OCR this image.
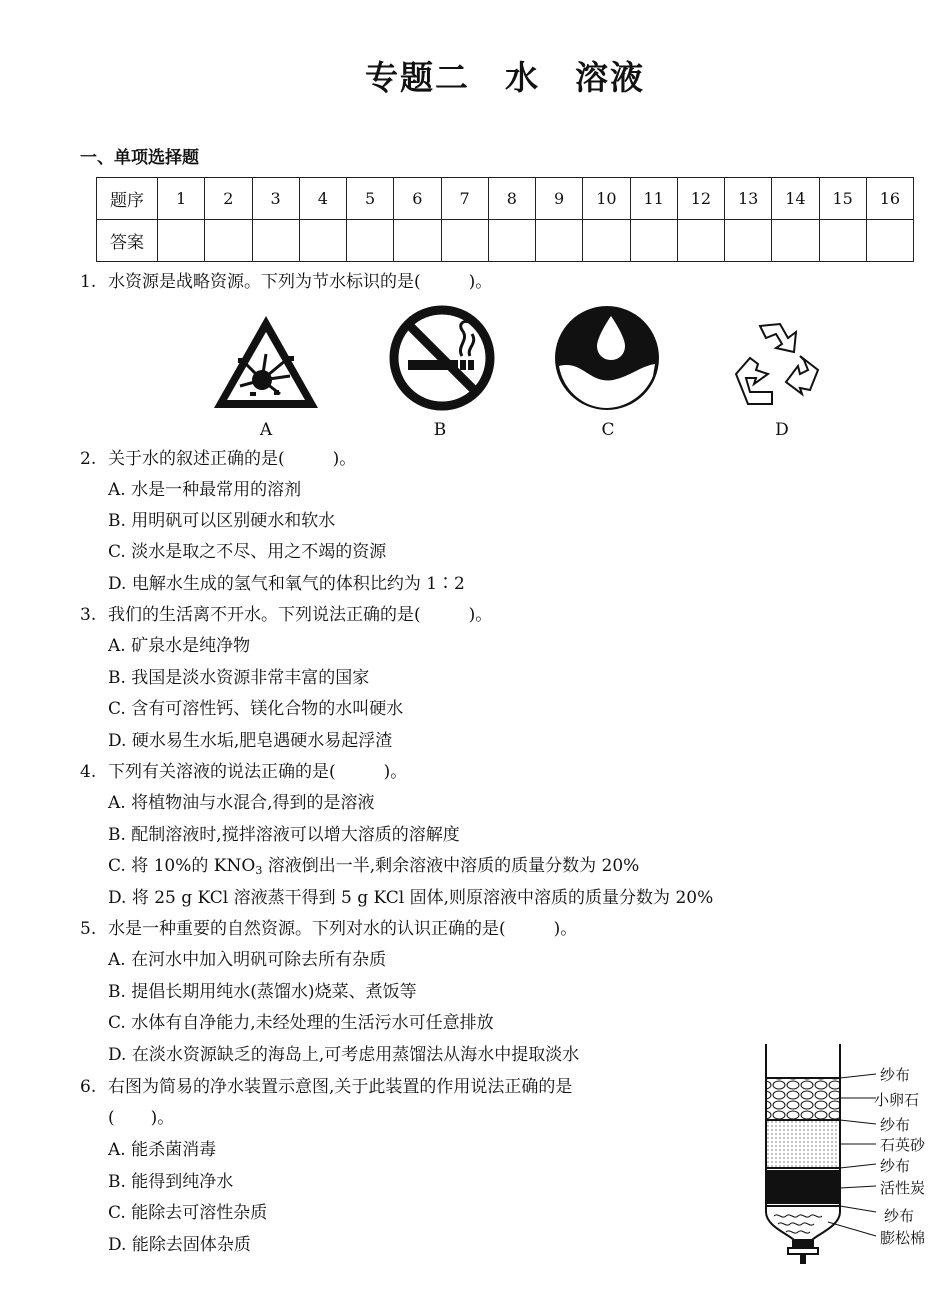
专题二　水　溶液
一、单项选择题
题序	1	2	3	4	5	6	7	8	9	10	11	12	13	14	15	16
答案																
1. 水资源是战略资源。下列为节水标识的是(	)。
A	B	C	D
2. 关于水的叙述正确的是(	)。
A. 水是一种最常用的溶剂
B. 用明矾可以区别硬水和软水
C. 淡水是取之不尽、用之不竭的资源
D. 电解水生成的氢气和氧气的体积比约为 1∶2
3. 我们的生活离不开水。下列说法正确的是(	)。
A. 矿泉水是纯净物
B. 我国是淡水资源非常丰富的国家
C. 含有可溶性钙、镁化合物的水叫硬水
D. 硬水易生水垢,肥皂遇硬水易起浮渣
4. 下列有关溶液的说法正确的是(	)。
A. 将植物油与水混合,得到的是溶液
B. 配制溶液时,搅拌溶液可以增大溶质的溶解度
C. 将 10%的 $KNO_3$ 溶液倒出一半,剩余溶液中溶质的质量分数为 20%
D. 将 25 g KCl 溶液蒸干得到 5 g KCl 固体,则原溶液中溶质的质量分数为 20%
5. 水是一种重要的自然资源。下列对水的认识正确的是(	)。
A. 在河水中加入明矾可除去所有杂质
B. 提倡长期用纯水(蒸馏水)烧菜、煮饭等
C. 水体有自净能力,未经处理的生活污水可任意排放
D. 在淡水资源缺乏的海岛上,可考虑用蒸馏法从海水中提取淡水
6. 右图为简易的净水装置示意图,关于此装置的作用说法正确的是
( )。
A. 能杀菌消毒
B. 能得到纯净水
C. 能除去可溶性杂质
D. 能除去固体杂质
纱布
小卵石
纱布
石英砂
纱布
活性炭
纱布
膨松棉
